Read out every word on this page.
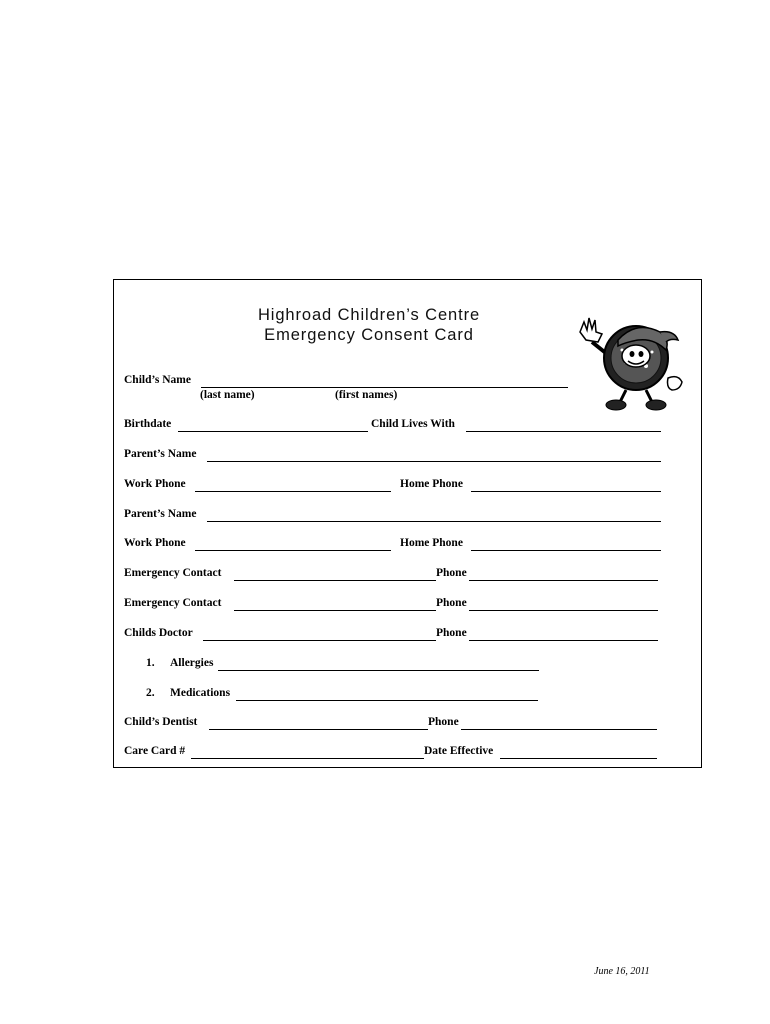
Highroad Children’s Centre
Emergency Consent Card
Child’s Name
(last name)	(first names)
Birthdate	Child Lives With
Parent’s Name
Work Phone	Home Phone
Parent’s Name
Work Phone	Home Phone
Emergency Contact	Phone
Emergency Contact	Phone
Childs Doctor	Phone
1. Allergies
2. Medications
Child’s Dentist	Phone
Care Card #	Date Effective
June 16, 2011
